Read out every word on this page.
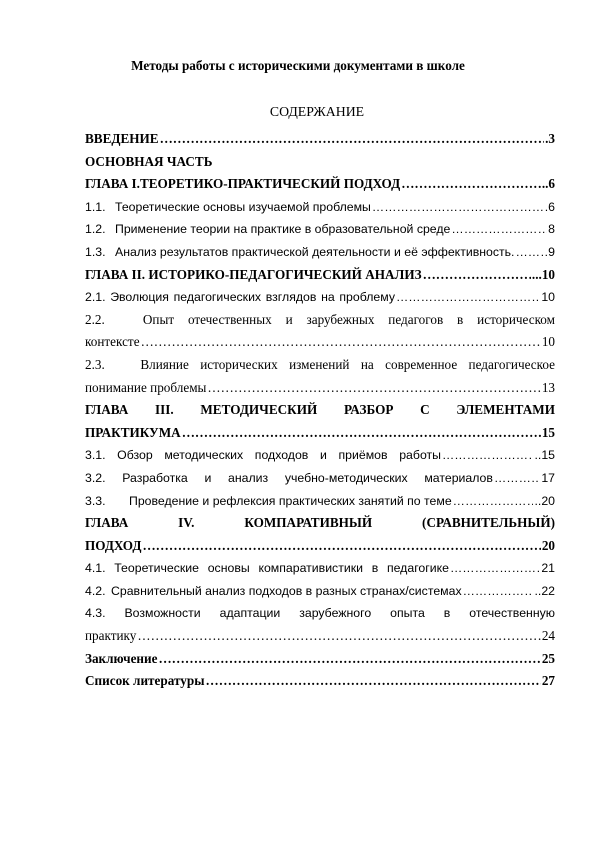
Методы работы с историческими документами в школе
СОДЕРЖАНИЕ
ВВЕДЕНИЕ …………………………………………………………………………………………………………………………………………………………	.3
ОСНОВНАЯ ЧАСТЬ
ГЛАВА I.ТЕОРЕТИКО-ПРАКТИЧЕСКИЙ ПОДХОД …………………………………………………………………………………………………………………………………………………………	..6
1.1. Теоретические основы изучаемой проблемы …………………………………………………………………………………………………………………………………………………………	.6
1.2. Применение теории на практике в образовательной среде …………………………………………………………………………………………………………………………………………………………	8
1.3. Анализ результатов практической деятельности и её эффективность. …………………………………………………………………………………………………………………………………………………………	9
ГЛАВА II. ИСТОРИКО-ПЕДАГОГИЧЕСКИЙ АНАЛИЗ …………………………………………………………………………………………………………………………………………………………	...10
2.1. Эволюция педагогических взглядов на проблему …………………………………………………………………………………………………………………………………………………………	10
2.2.	Опыт отечественных и зарубежных педагогов в историческом
контексте …………………………………………………………………………………………………………………………………………………………	10
2.3.	Влияние исторических изменений на современное педагогическое
понимание проблемы …………………………………………………………………………………………………………………………………………………………	13
ГЛАВА III. МЕТОДИЧЕСКИЙ РАЗБОР С ЭЛЕМЕНТАМИ
ПРАКТИКУМА …………………………………………………………………………………………………………………………………………………………	15
3.1. Обзор методических подходов и приёмов работы …………………………………………………………………………………………………………………………………………………………	..15
3.2. Разработка и анализ учебно-методических материалов …………………………………………………………………………………………………………………………………………………………	17
3.3.	Проведение и рефлексия практических занятий по теме …………………………………………………………………………………………………………………………………………………………	..20
ГЛАВА	IV.	КОМПАРАТИВНЫЙ	(СРАВНИТЕЛЬНЫЙ)
ПОДХОД …………………………………………………………………………………………………………………………………………………………	20
4.1. Теоретические основы компаративистики в педагогике …………………………………………………………………………………………………………………………………………………………	21
4.2. Сравнительный анализ подходов в разных странах/системах …………………………………………………………………………………………………………………………………………………………	..22
4.3. Возможности адаптации зарубежного опыта в отечественную
практику …………………………………………………………………………………………………………………………………………………………	24
Заключение …………………………………………………………………………………………………………………………………………………………	25
Список литературы …………………………………………………………………………………………………………………………………………………………	27
